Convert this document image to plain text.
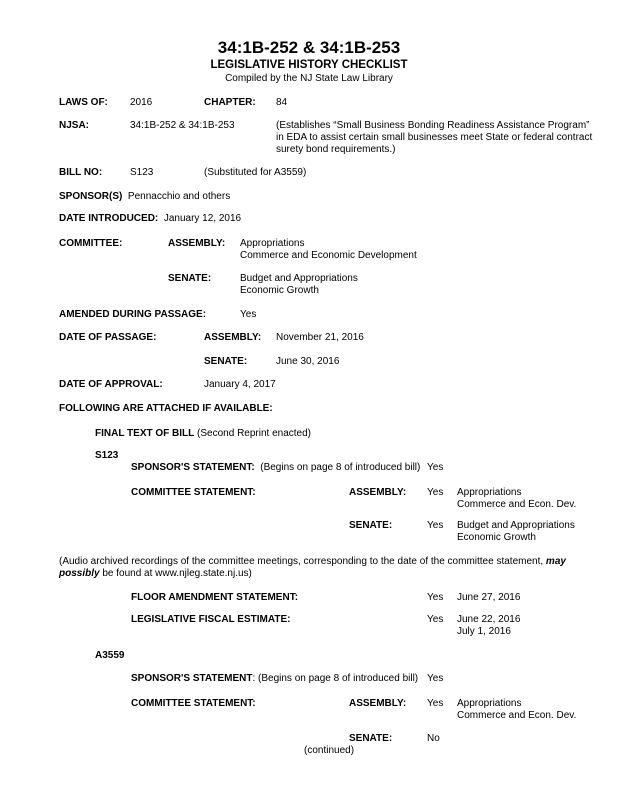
34:1B-252 & 34:1B-253
LEGISLATIVE HISTORY CHECKLIST
Compiled by the NJ State Law Library
LAWS OF: 2016	CHAPTER: 84
NJSA:	34:1B-252 & 34:1B-253	(Establishes “Small Business Bonding Readiness Assistance Program”
in EDA to assist certain small businesses meet State or federal contract
surety bond requirements.)
BILL NO:	S123	(Substituted for A3559)
SPONSOR(S) Pennacchio and others
DATE INTRODUCED: January 12, 2016
COMMITTEE:	ASSEMBLY: Appropriations
Commerce and Economic Development
SENATE:	Budget and Appropriations
Economic Growth
AMENDED DURING PASSAGE:	Yes
DATE OF PASSAGE:	ASSEMBLY: November 21, 2016
SENATE:	June 30, 2016
DATE OF APPROVAL:	January 4, 2017
FOLLOWING ARE ATTACHED IF AVAILABLE:
FINAL TEXT OF BILL (Second Reprint enacted)
S123
SPONSOR'S STATEMENT: (Begins on page 8 of introduced bill) Yes
COMMITTEE STATEMENT:	ASSEMBLY: Yes Appropriations
Commerce and Econ. Dev.
SENATE:	Yes Budget and Appropriations
Economic Growth
(Audio archived recordings of the committee meetings, corresponding to the date of the committee statement, may possibly be found at www.njleg.state.nj.us)
FLOOR AMENDMENT STATEMENT:	Yes June 27, 2016
LEGISLATIVE FISCAL ESTIMATE:	Yes June 22, 2016
July 1, 2016
A3559
SPONSOR'S STATEMENT: (Begins on page 8 of introduced bill) Yes
COMMITTEE STATEMENT:	ASSEMBLY: Yes Appropriations
Commerce and Econ. Dev.
SENATE:	No
(continued)
